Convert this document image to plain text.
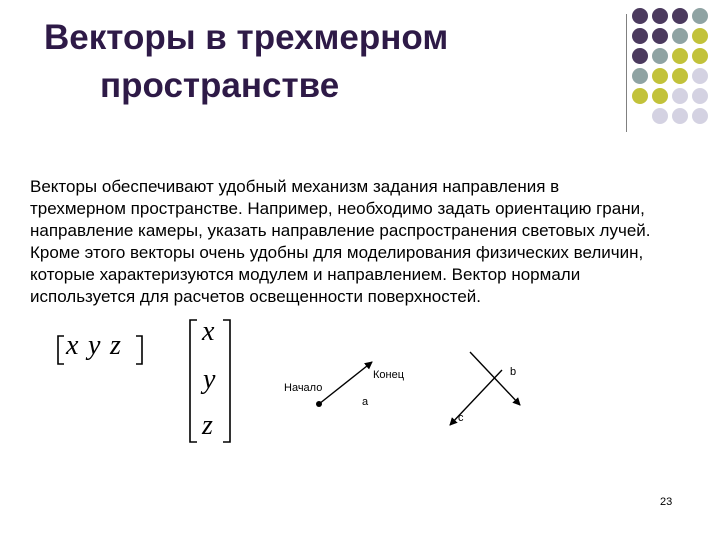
Векторы в трехмерном
пространстве
Векторы обеспечивают удобный механизм задания направления в
трехмерном пространстве. Например, необходимо задать ориентацию грани,
направление камеры, указать направление распространения световых лучей.
Кроме этого векторы очень удобны для моделирования физических величин,
которые характеризуются модулем и направлением. Вектор нормали
используется для расчетов освещенности поверхностей.
x y z	x
y
z
Начало
Конец
a
b
c
23
